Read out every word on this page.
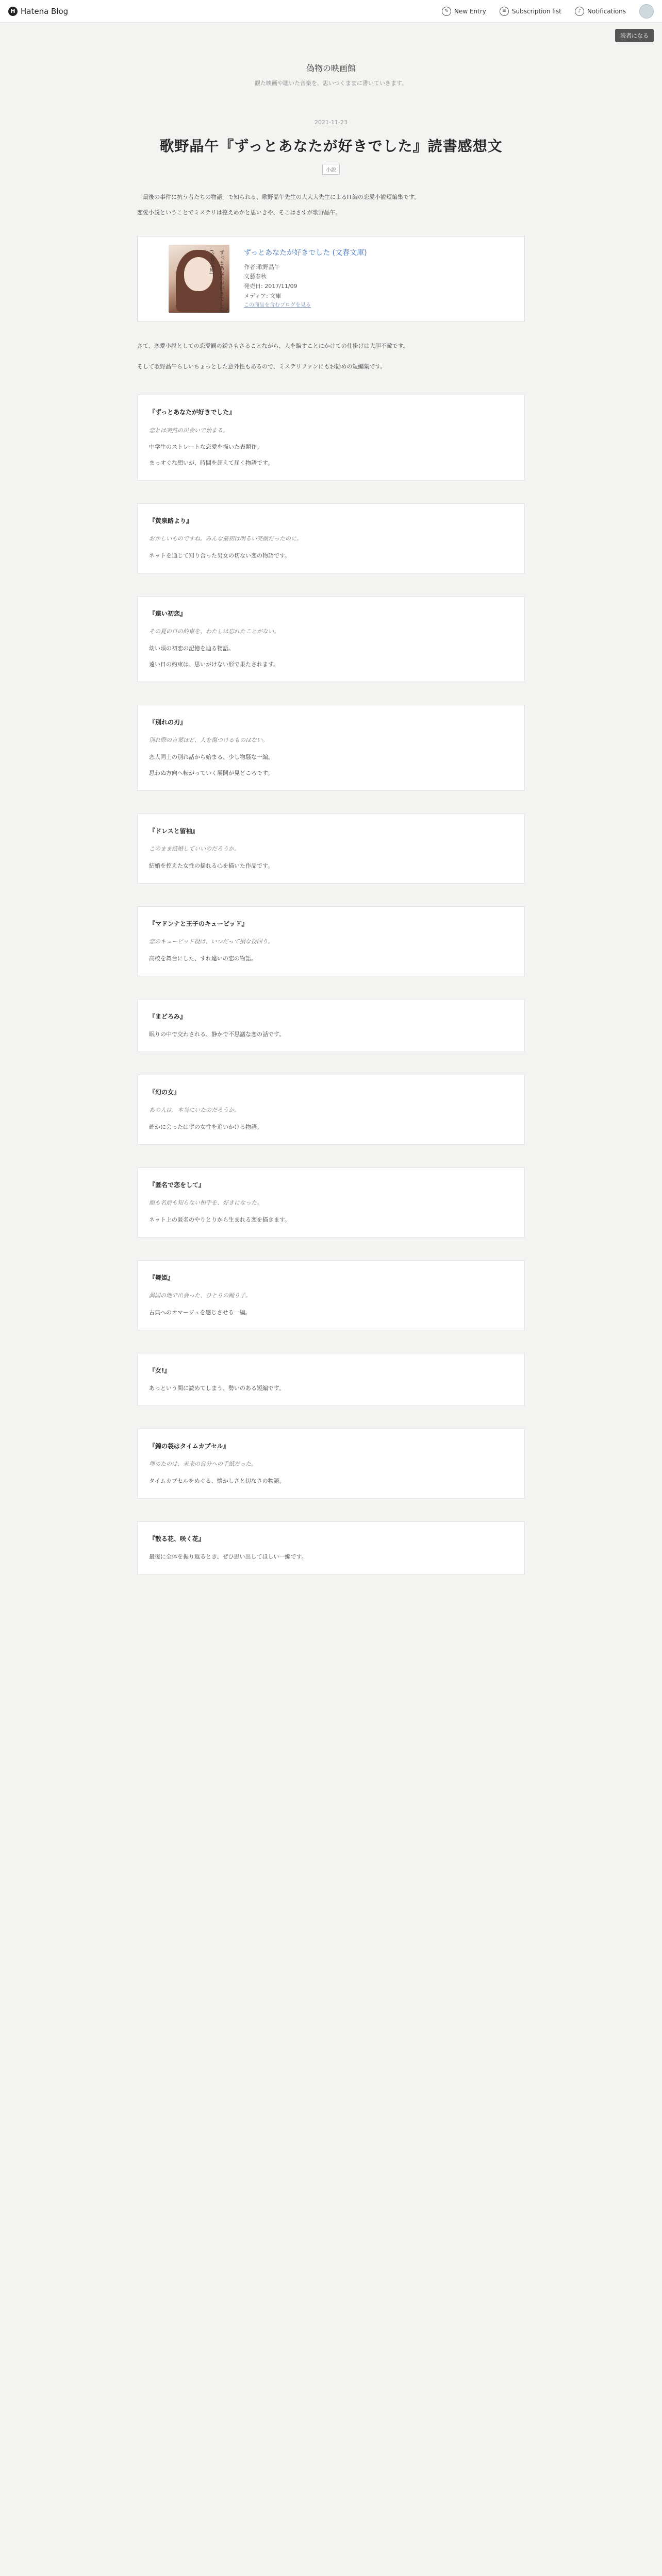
H Hatena Blog	✎ New Entry	≡ Subscription list	♪ Notifications
読者になる
偽物の映画館
観た映画や聴いた音楽を、思いつくままに書いていきます。
2021-11-23
歌野晶午『ずっとあなたが好きでした』読書感想文
小説

「最後の事件に抗う者たちの物語」で知られる、歌野晶午先生の大大大先生によるIT編の恋愛小説短編集です。

恋愛小説ということでミステリは控えめかと思いきや、そこはさすが歌野晶午。

ずっとあなたが好きでした (文春文庫)	ずっとあなたが好きでした (文春文庫)
作者:歌野晶午
文藝春秋
発売日: 2017/11/09
メディア: 文庫
この商品を含むブログを見る

さて、恋愛小説としての恋愛観の鋭さもさることながら、人を騙すことにかけての仕掛けは大胆不敵です。

そして歌野晶午らしいちょっとした意外性もあるので、ミステリファンにもお勧めの短編集です。

『ずっとあなたが好きでした』

恋とは突然の出会いで始まる。

中学生のストレートな恋愛を描いた表題作。

まっすぐな想いが、時間を超えて届く物語です。

『黄泉路より』

おかしいものですね。みんな最初は明るい笑顔だったのに。

ネットを通じて知り合った男女の切ない恋の物語です。

『遠い初恋』

その夏の日の約束を、わたしは忘れたことがない。

幼い頃の初恋の記憶を辿る物語。

遠い日の約束は、思いがけない形で果たされます。

『別れの刃』

別れ際の言葉ほど、人を傷つけるものはない。

恋人同士の別れ話から始まる、少し物騒な一編。

思わぬ方向へ転がっていく展開が見どころです。

『ドレスと留袖』

このまま結婚していいのだろうか。

結婚を控えた女性の揺れる心を描いた作品です。

『マドンナと王子のキューピッド』

恋のキューピッド役は、いつだって損な役回り。

高校を舞台にした、すれ違いの恋の物語。

『まどろみ』

眠りの中で交わされる、静かで不思議な恋の話です。

『幻の女』

あの人は、本当にいたのだろうか。

確かに会ったはずの女性を追いかける物語。

『匿名で恋をして』

顔も名前も知らない相手を、好きになった。

ネット上の匿名のやりとりから生まれる恋を描きます。

『舞姫』

異国の地で出会った、ひとりの踊り子。

古典へのオマージュを感じさせる一編。

『女!』

あっという間に読めてしまう、勢いのある短編です。

『錦の袋はタイムカプセル』

埋めたのは、未来の自分への手紙だった。

タイムカプセルをめぐる、懐かしさと切なさの物語。

『散る花、咲く花』

最後に全体を振り返るとき、ぜひ思い出してほしい一編です。
